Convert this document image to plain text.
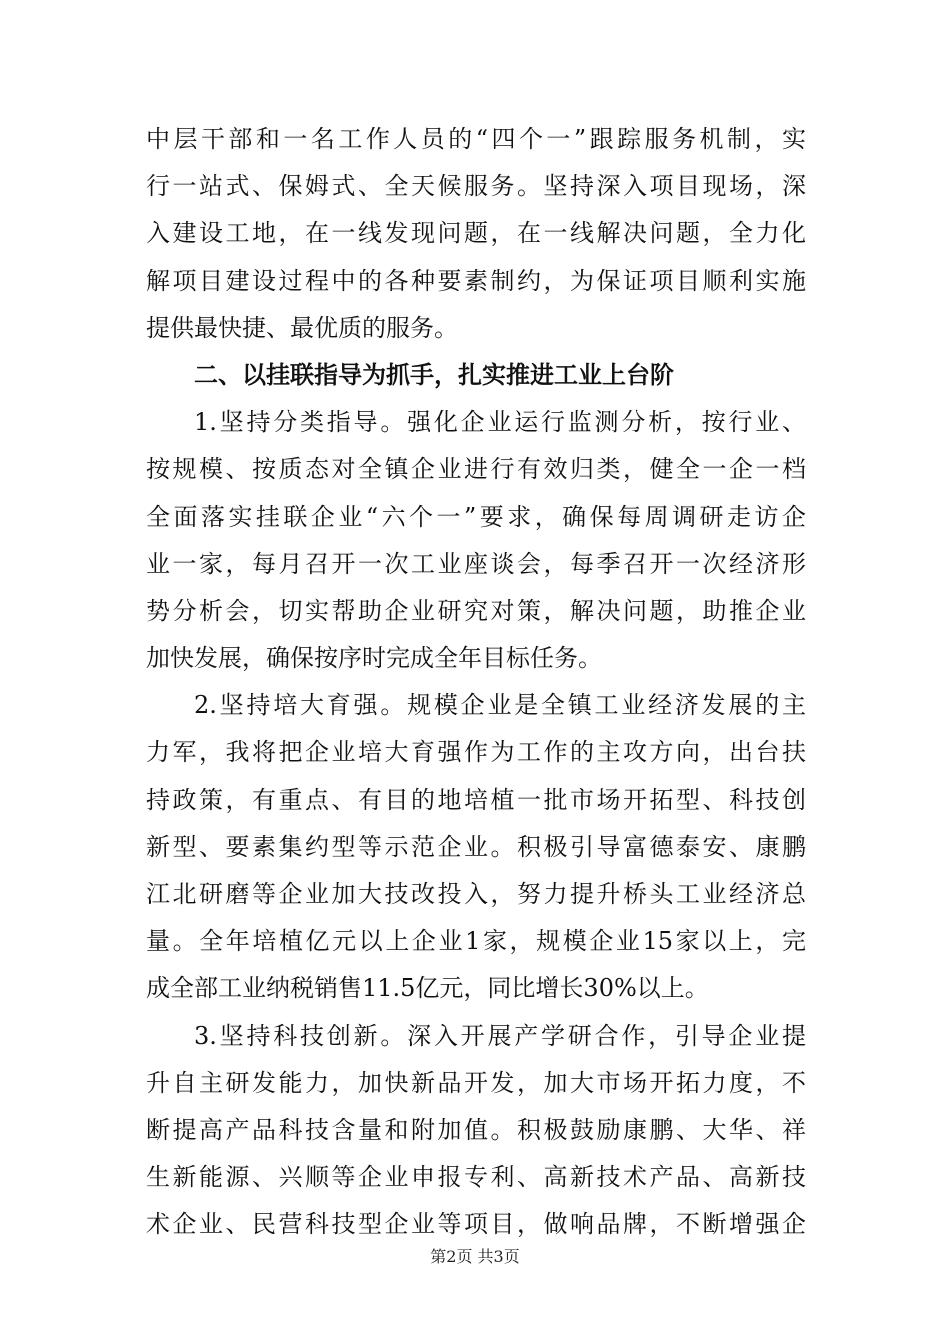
中层干部和一名工作人员的“四个一”跟踪服务机制，实
行一站式、保姆式、全天候服务。坚持深入项目现场，深
入建设工地，在一线发现问题，在一线解决问题，全力化
解项目建设过程中的各种要素制约，为保证项目顺利实施
提供最快捷、最优质的服务。
二、以挂联指导为抓手，扎实推进工业上台阶
1.坚持分类指导。强化企业运行监测分析，按行业、
按规模、按质态对全镇企业进行有效归类，健全一企一档
全面落实挂联企业“六个一”要求，确保每周调研走访企
业一家，每月召开一次工业座谈会，每季召开一次经济形
势分析会，切实帮助企业研究对策，解决问题，助推企业
加快发展，确保按序时完成全年目标任务。
2.坚持培大育强。规模企业是全镇工业经济发展的主
力军，我将把企业培大育强作为工作的主攻方向，出台扶
持政策，有重点、有目的地培植一批市场开拓型、科技创
新型、要素集约型等示范企业。积极引导富德泰安、康鹏
江北研磨等企业加大技改投入，努力提升桥头工业经济总
量。全年培植亿元以上企业1家，规模企业15家以上，完
成全部工业纳税销售11.5亿元，同比增长30%以上。
3.坚持科技创新。深入开展产学研合作，引导企业提
升自主研发能力，加快新品开发，加大市场开拓力度，不
断提高产品科技含量和附加值。积极鼓励康鹏、大华、祥
生新能源、兴顺等企业申报专利、高新技术产品、高新技
术企业、民营科技型企业等项目，做响品牌，不断增强企
第2页 共3页
